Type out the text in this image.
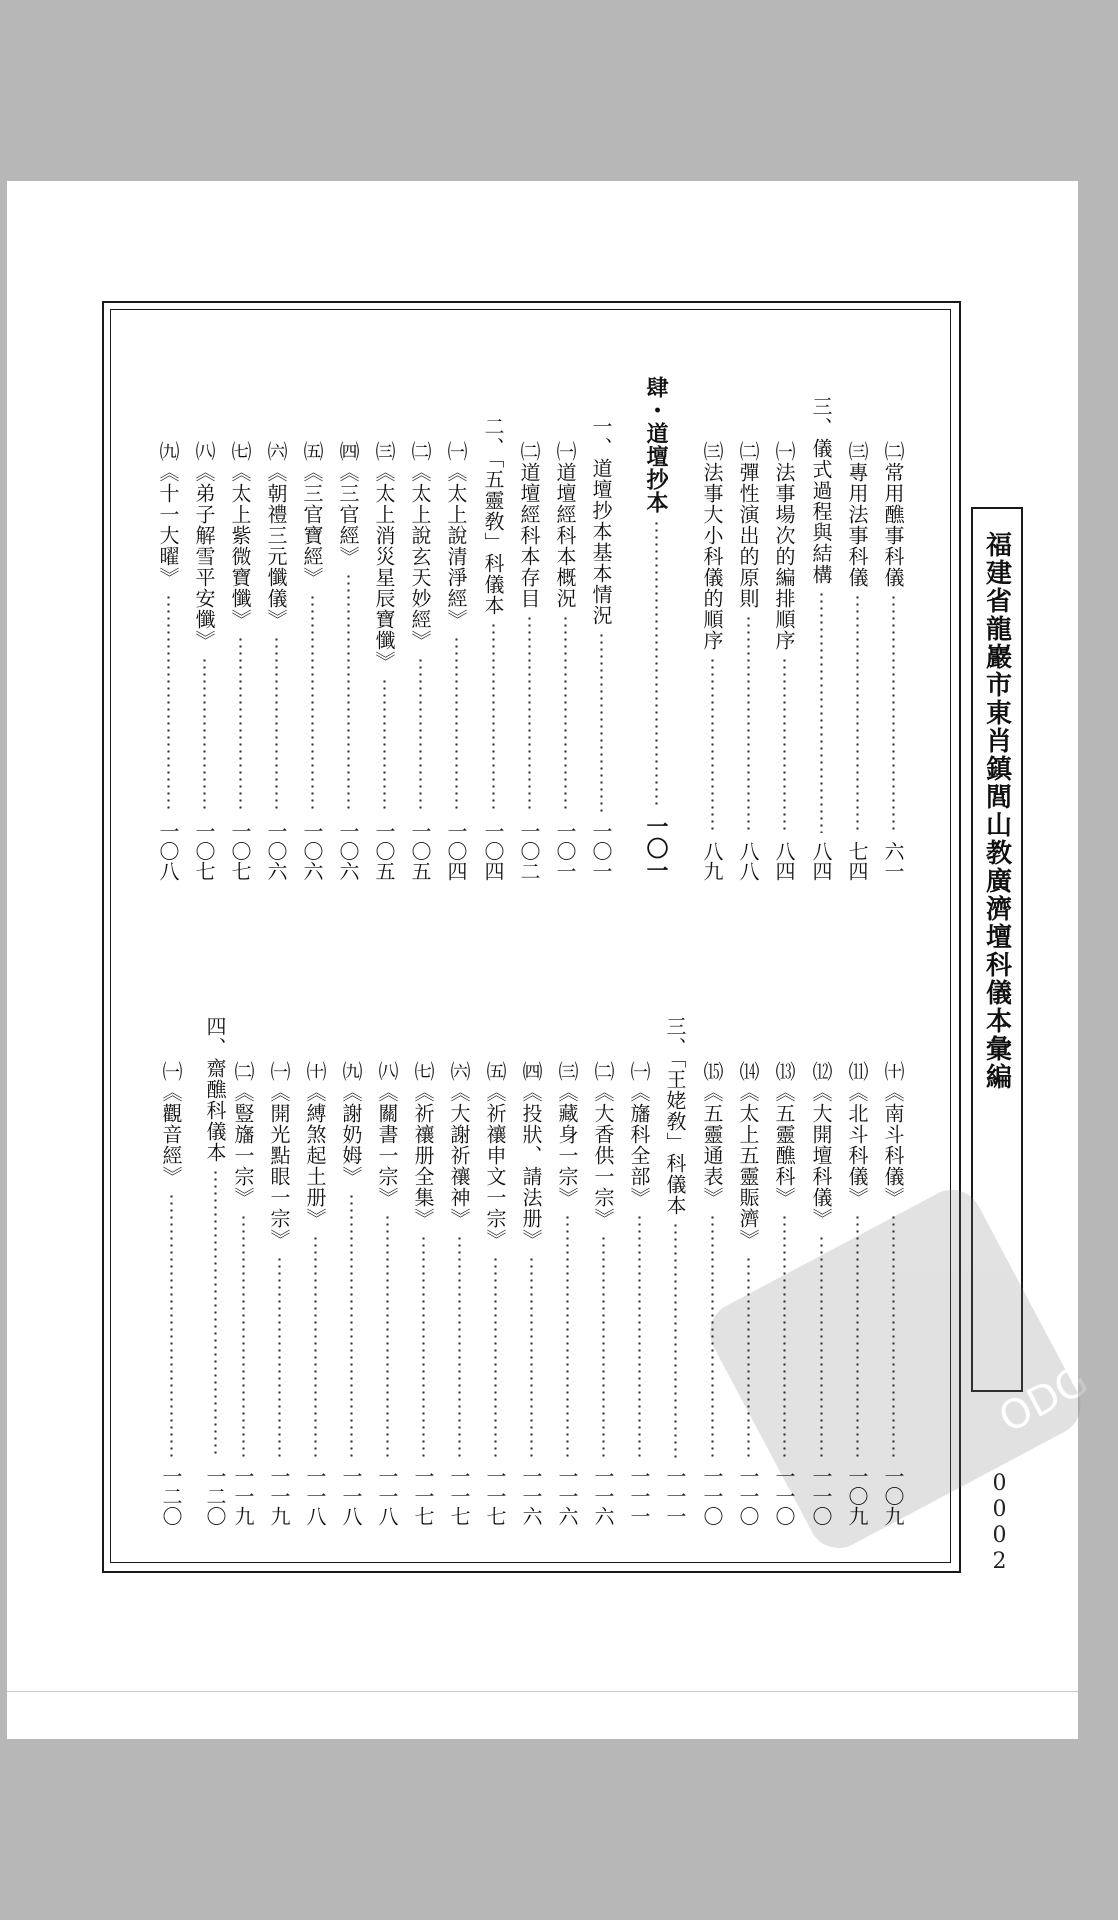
福建省龍巖市東肖鎮閭山教廣濟壇科儀本彙編
0002
ODG
㈡常用醮事科儀
六一
㈢專用法事科儀
七四
三、儀式過程與結構
八四
㈠法事場次的編排順序
八四
㈡彈性演出的原則
八八
㈢法事大小科儀的順序
八九
肆・道壇抄本
一〇一
一、道壇抄本基本情況
一〇一
㈠道壇經科本概況
一〇一
㈡道壇經科本存目
一〇二
二、「五靈敎」科儀本
一〇四
㈠《太上說清淨經》
一〇四
㈡《太上說玄天妙經》
一〇五
㈢《太上消災星辰寶懺》
一〇五
㈣《三官經》
一〇六
㈤《三官寶經》
一〇六
㈥《朝禮三元懺儀》
一〇六
㈦《太上紫微寶懺》
一〇七
㈧《弟子解雪平安懺》
一〇七
㈨《十一大曜》
一〇八
㈩《南斗科儀》
一〇九
⑾《北斗科儀》
一〇九
⑿《大開壇科儀》
一一〇
⒀《五靈醮科》
一一〇
⒁《太上五靈賑濟》
一一〇
⒂《五靈通表》
一一〇
三、「王姥敎」科儀本
一一一
㈠《旛科全部》
一一一
㈡《大香供一宗》
一一六
㈢《藏身一宗》
一一六
㈣《投狀、請法册》
一一六
㈤《祈禳申文一宗》
一一七
㈥《大謝祈禳神》
一一七
㈦《祈禳册全集》
一一七
㈧《關書一宗》
一一八
㈨《謝奶姆》
一一八
㈩《縛煞起土册》
一一八
㈠《開光點眼一宗》
一一九
㈡《豎旛一宗》
一一九
四、齋醮科儀本
一二〇
㈠《觀音經》
一二〇
